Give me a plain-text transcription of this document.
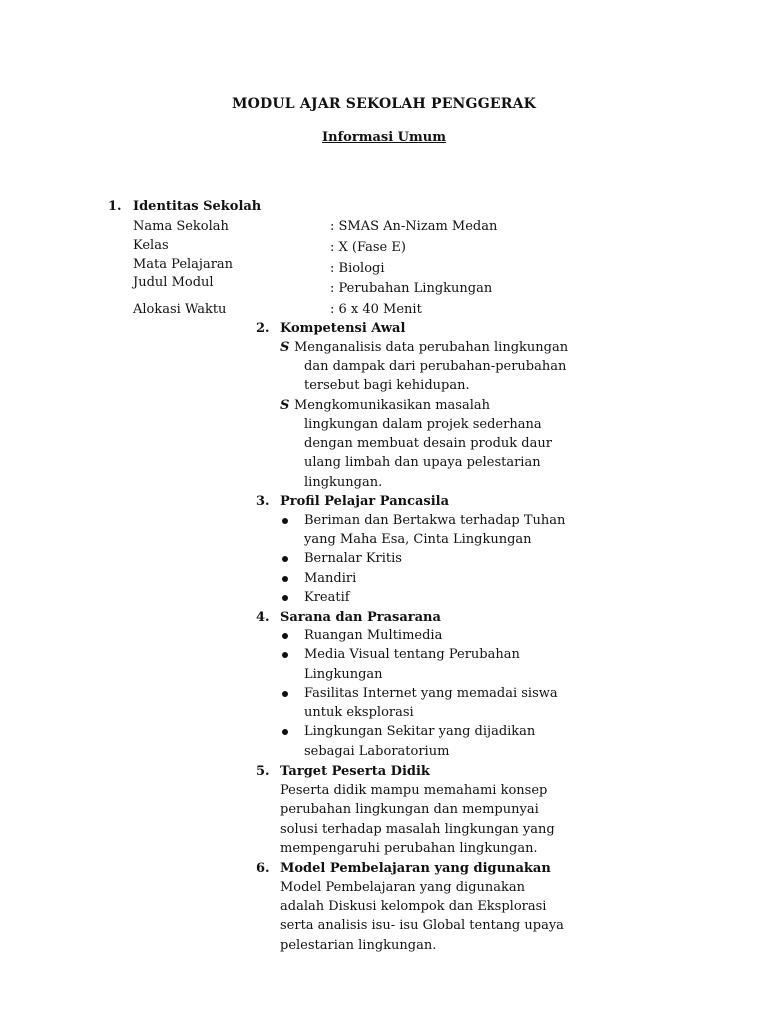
MODUL AJAR SEKOLAH PENGGERAK
Informasi Umum
1. Identitas Sekolah
Nama Sekolah	: SMAS An-Nizam Medan
Kelas	: X (Fase E)
Mata Pelajaran	: Biologi
Judul Modul	: Perubahan Lingkungan
Alokasi Waktu	: 6 x 40 Menit
2. Kompetensi Awal
S Menganalisis data perubahan lingkungan
dan dampak dari perubahan-perubahan
tersebut bagi kehidupan.
S Mengkomunikasikan masalah
lingkungan dalam projek sederhana
dengan membuat desain produk daur
ulang limbah dan upaya pelestarian
lingkungan.
3. Profil Pelajar Pancasila
Beriman dan Bertakwa terhadap Tuhan
yang Maha Esa, Cinta Lingkungan
Bernalar Kritis
Mandiri
Kreatif
4. Sarana dan Prasarana
Ruangan Multimedia
Media Visual tentang Perubahan
Lingkungan
Fasilitas Internet yang memadai siswa
untuk eksplorasi
Lingkungan Sekitar yang dijadikan
sebagai Laboratorium
5. Target Peserta Didik
Peserta didik mampu memahami konsep
perubahan lingkungan dan mempunyai
solusi terhadap masalah lingkungan yang
mempengaruhi perubahan lingkungan.
6. Model Pembelajaran yang digunakan
Model Pembelajaran yang digunakan
adalah Diskusi kelompok dan Eksplorasi
serta analisis isu- isu Global tentang upaya
pelestarian lingkungan.
